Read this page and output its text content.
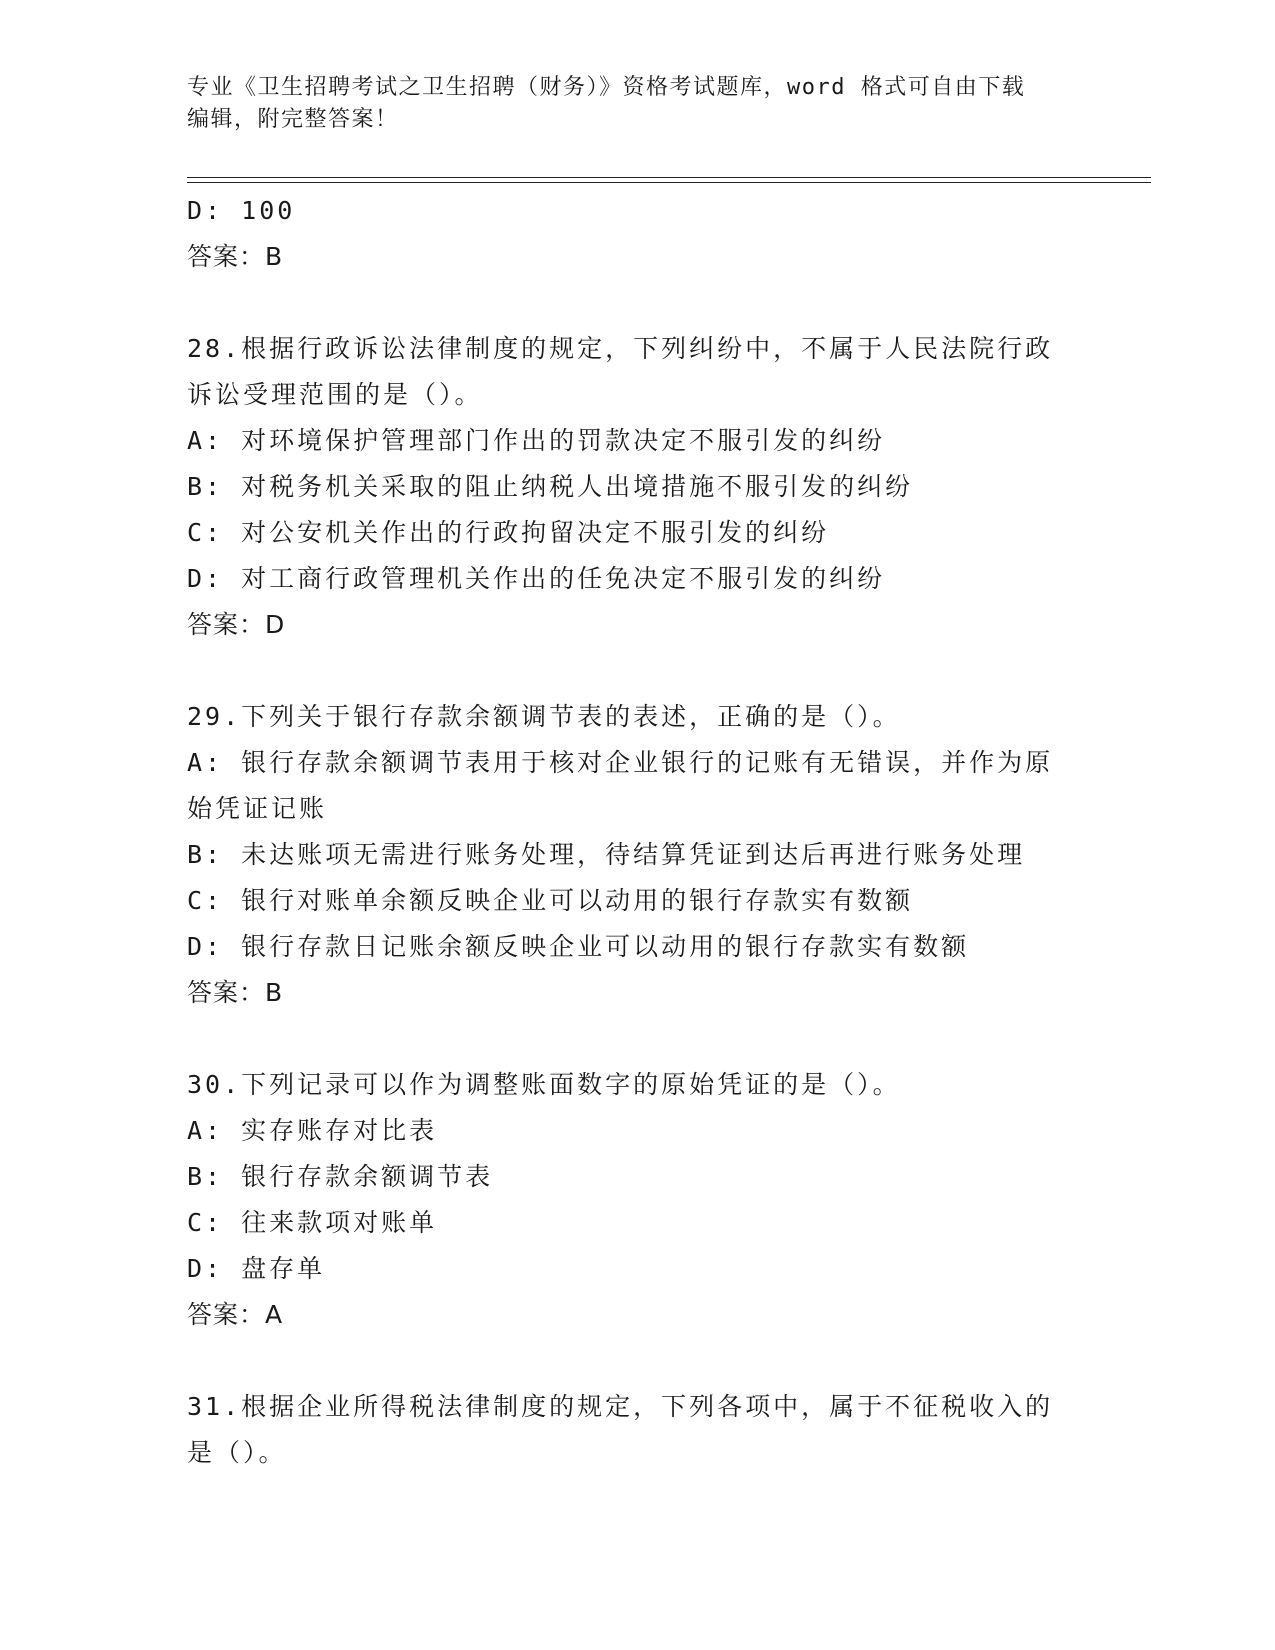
专业《卫生招聘考试之卫生招聘（财务）》资格考试题库，word 格式可自由下载
编辑，附完整答案！
D: 100
答案：B
28.根据行政诉讼法律制度的规定，下列纠纷中，不属于人民法院行政
诉讼受理范围的是（）。
A: 对环境保护管理部门作出的罚款决定不服引发的纠纷
B: 对税务机关采取的阻止纳税人出境措施不服引发的纠纷
C: 对公安机关作出的行政拘留决定不服引发的纠纷
D: 对工商行政管理机关作出的任免决定不服引发的纠纷
答案：D
29.下列关于银行存款余额调节表的表述，正确的是（）。
A: 银行存款余额调节表用于核对企业银行的记账有无错误，并作为原
始凭证记账
B: 未达账项无需进行账务处理，待结算凭证到达后再进行账务处理
C: 银行对账单余额反映企业可以动用的银行存款实有数额
D: 银行存款日记账余额反映企业可以动用的银行存款实有数额
答案：B
30.下列记录可以作为调整账面数字的原始凭证的是（）。
A: 实存账存对比表
B: 银行存款余额调节表
C: 往来款项对账单
D: 盘存单
答案：A
31.根据企业所得税法律制度的规定，下列各项中，属于不征税收入的
是（）。
